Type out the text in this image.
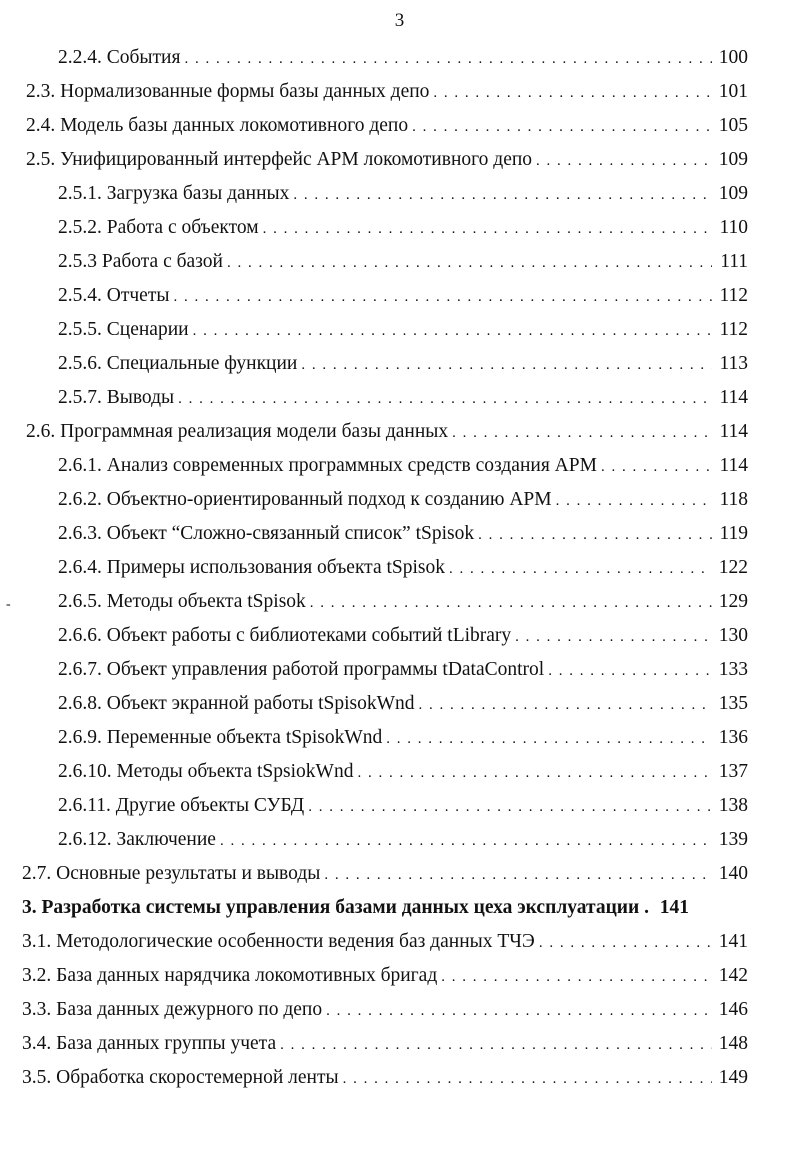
3
-
2.2.4. События . . .	100
2.3. Нормализованные формы базы данных депо . . .	101
2.4. Модель базы данных локомотивного депо . . .	105
2.5. Унифицированный интерфейс АРМ локомотивного депо . . .	109
2.5.1. Загрузка базы данных . . .	109
2.5.2. Работа с объектом . . .	110
2.5.3 Работа с базой . . .	111
2.5.4. Отчеты . . .	112
2.5.5. Сценарии . . .	112
2.5.6. Специальные функции . . .	113
2.5.7. Выводы . . .	114
2.6. Программная реализация модели базы данных . . .	114
2.6.1. Анализ современных программных средств создания АРМ . . .	114
2.6.2. Объектно-ориентированный подход к созданию АРМ . . .	118
2.6.3. Объект “Сложно-связанный список” tSpisok . . .	119
2.6.4. Примеры использования объекта tSpisok . . .	122
2.6.5. Методы объекта tSpisok . . .	129
2.6.6. Объект работы с библиотеками событий tLibrary . . .	130
2.6.7. Объект управления работой программы tDataControl . . .	133
2.6.8. Объект экранной работы tSpisokWnd . . .	135
2.6.9. Переменные объекта tSpisokWnd . . .	136
2.6.10. Методы объекта tSpsiokWnd . . .	137
2.6.11. Другие объекты СУБД . . .	138
2.6.12. Заключение . . .	139
2.7. Основные результаты и выводы . . .	140
3. Разработка системы управления базами данных цеха эксплуатации . 141
3.1. Методологические особенности ведения баз данных ТЧЭ . . .	141
3.2. База данных нарядчика локомотивных бригад . . .	142
3.3. База данных дежурного по депо . . .	146
3.4. База данных группы учета . . .	148
3.5. Обработка скоростемерной ленты . . .	149
